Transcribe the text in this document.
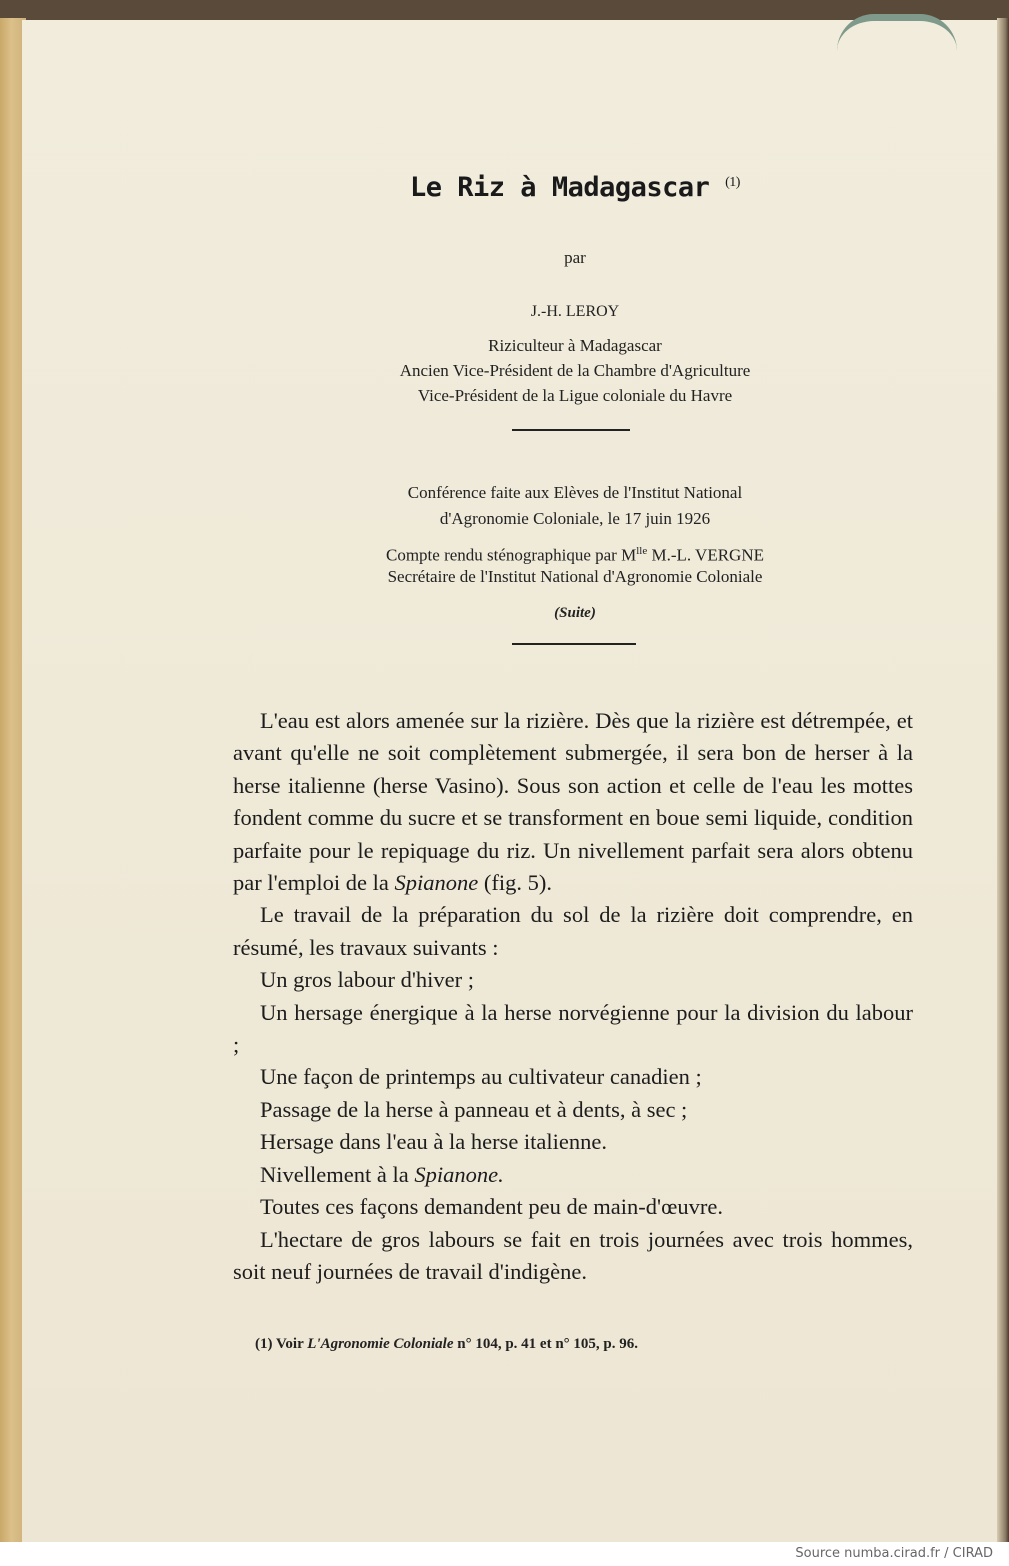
Le Riz à Madagascar $^{(1)}$
par
J.-H. LEROY
Riziculteur à Madagascar
Ancien Vice-Président de la Chambre d'Agriculture
Vice-Président de la Ligue coloniale du Havre
Conférence faite aux Elèves de l'Institut National
d'Agronomie Coloniale, le 17 juin 1926
Compte rendu sténographique par $M^{lle}$ M.-L. VERGNE
Secrétaire de l'Institut National d'Agronomie Coloniale
(Suite)

L'eau est alors amenée sur la rizière. Dès que la rizière est détrempée, et avant qu'elle ne soit complètement submergée, il sera bon de herser à la herse italienne (herse Vasino). Sous son action et celle de l'eau les mottes fondent comme du sucre et se transforment en boue semi liquide, condition parfaite pour le repiquage du riz. Un nivellement parfait sera alors obtenu par l'emploi de la Spianone (fig. 5).

Le travail de la préparation du sol de la rizière doit comprendre, en résumé, les travaux suivants :

Un gros labour d'hiver ;

Un hersage énergique à la herse norvégienne pour la division du labour ;

Une façon de printemps au cultivateur canadien ;

Passage de la herse à panneau et à dents, à sec ;

Hersage dans l'eau à la herse italienne.

Nivellement à la Spianone.

Toutes ces façons demandent peu de main-d'œuvre.

L'hectare de gros labours se fait en trois journées avec trois hommes, soit neuf journées de travail d'indigène.

(1) Voir L'Agronomie Coloniale n° 104, p. 41 et n° 105, p. 96.
Source numba.cirad.fr / CIRAD
